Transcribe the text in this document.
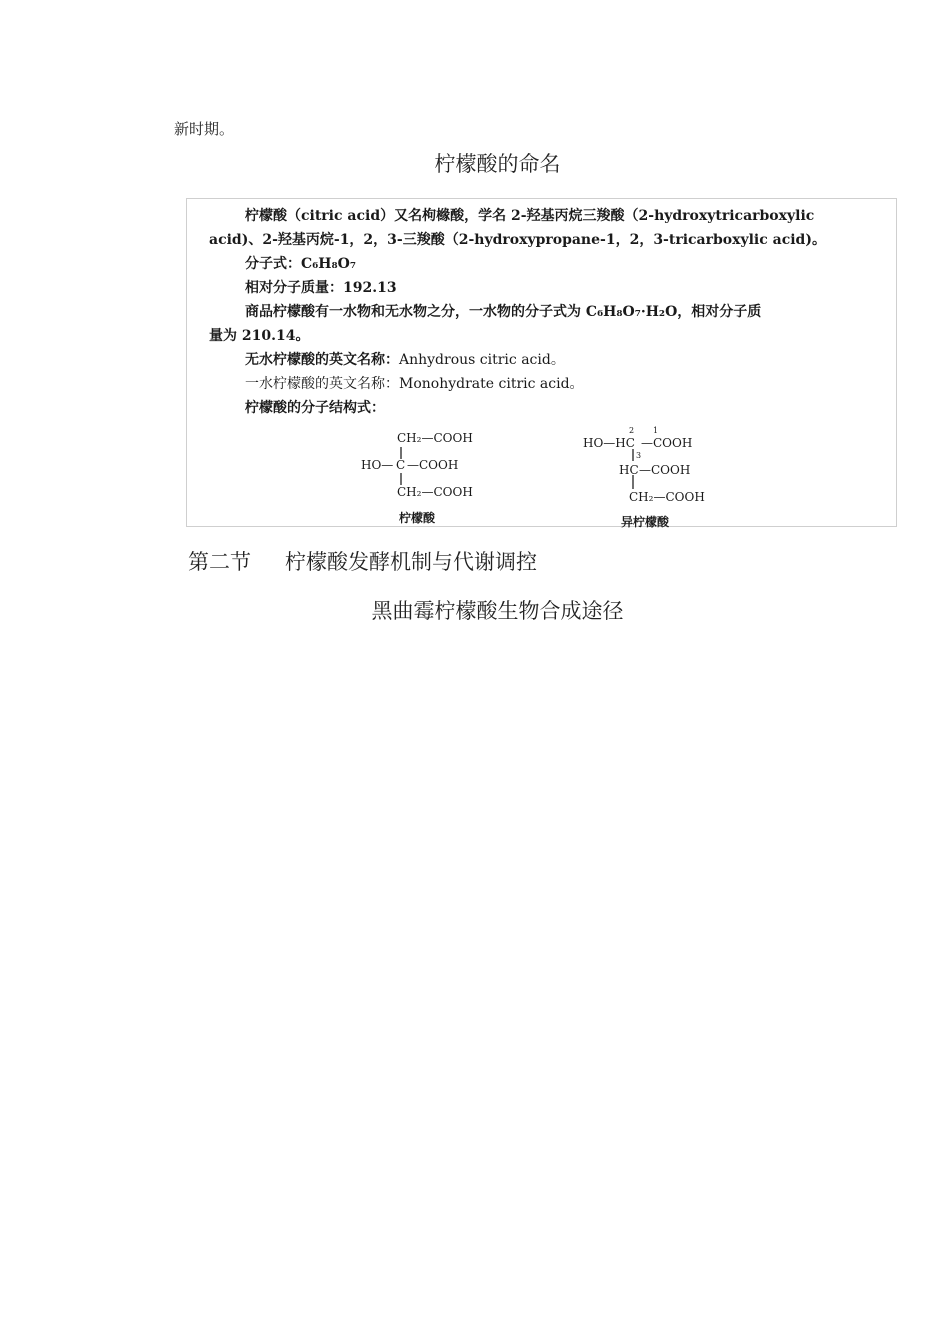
新时期。
柠檬酸的命名
柠檬酸（citric acid）又名枸橼酸，学名 2-羟基丙烷三羧酸（2-hydroxytricarboxylic
acid)、2-羟基丙烷-1，2，3-三羧酸（2-hydroxypropane-1，2，3-tricarboxylic acid)。
分子式：C₆H₈O₇
相对分子质量：192.13
商品柠檬酸有一水物和无水物之分，一水物的分子式为 C₆H₈O₇·H₂O，相对分子质
量为 210.14。
无水柠檬酸的英文名称：Anhydrous citric acid。
一水柠檬酸的英文名称：Monohydrate citric acid。
柠檬酸的分子结构式：
CH₂—COOH
HO— C —COOH
CH₂—COOH
柠檬酸
2 1
HO—HC —COOH
3
HC —COOH
CH₂—COOH
异柠檬酸
第二节 柠檬酸发酵机制与代谢调控
黑曲霉柠檬酸生物合成途径
